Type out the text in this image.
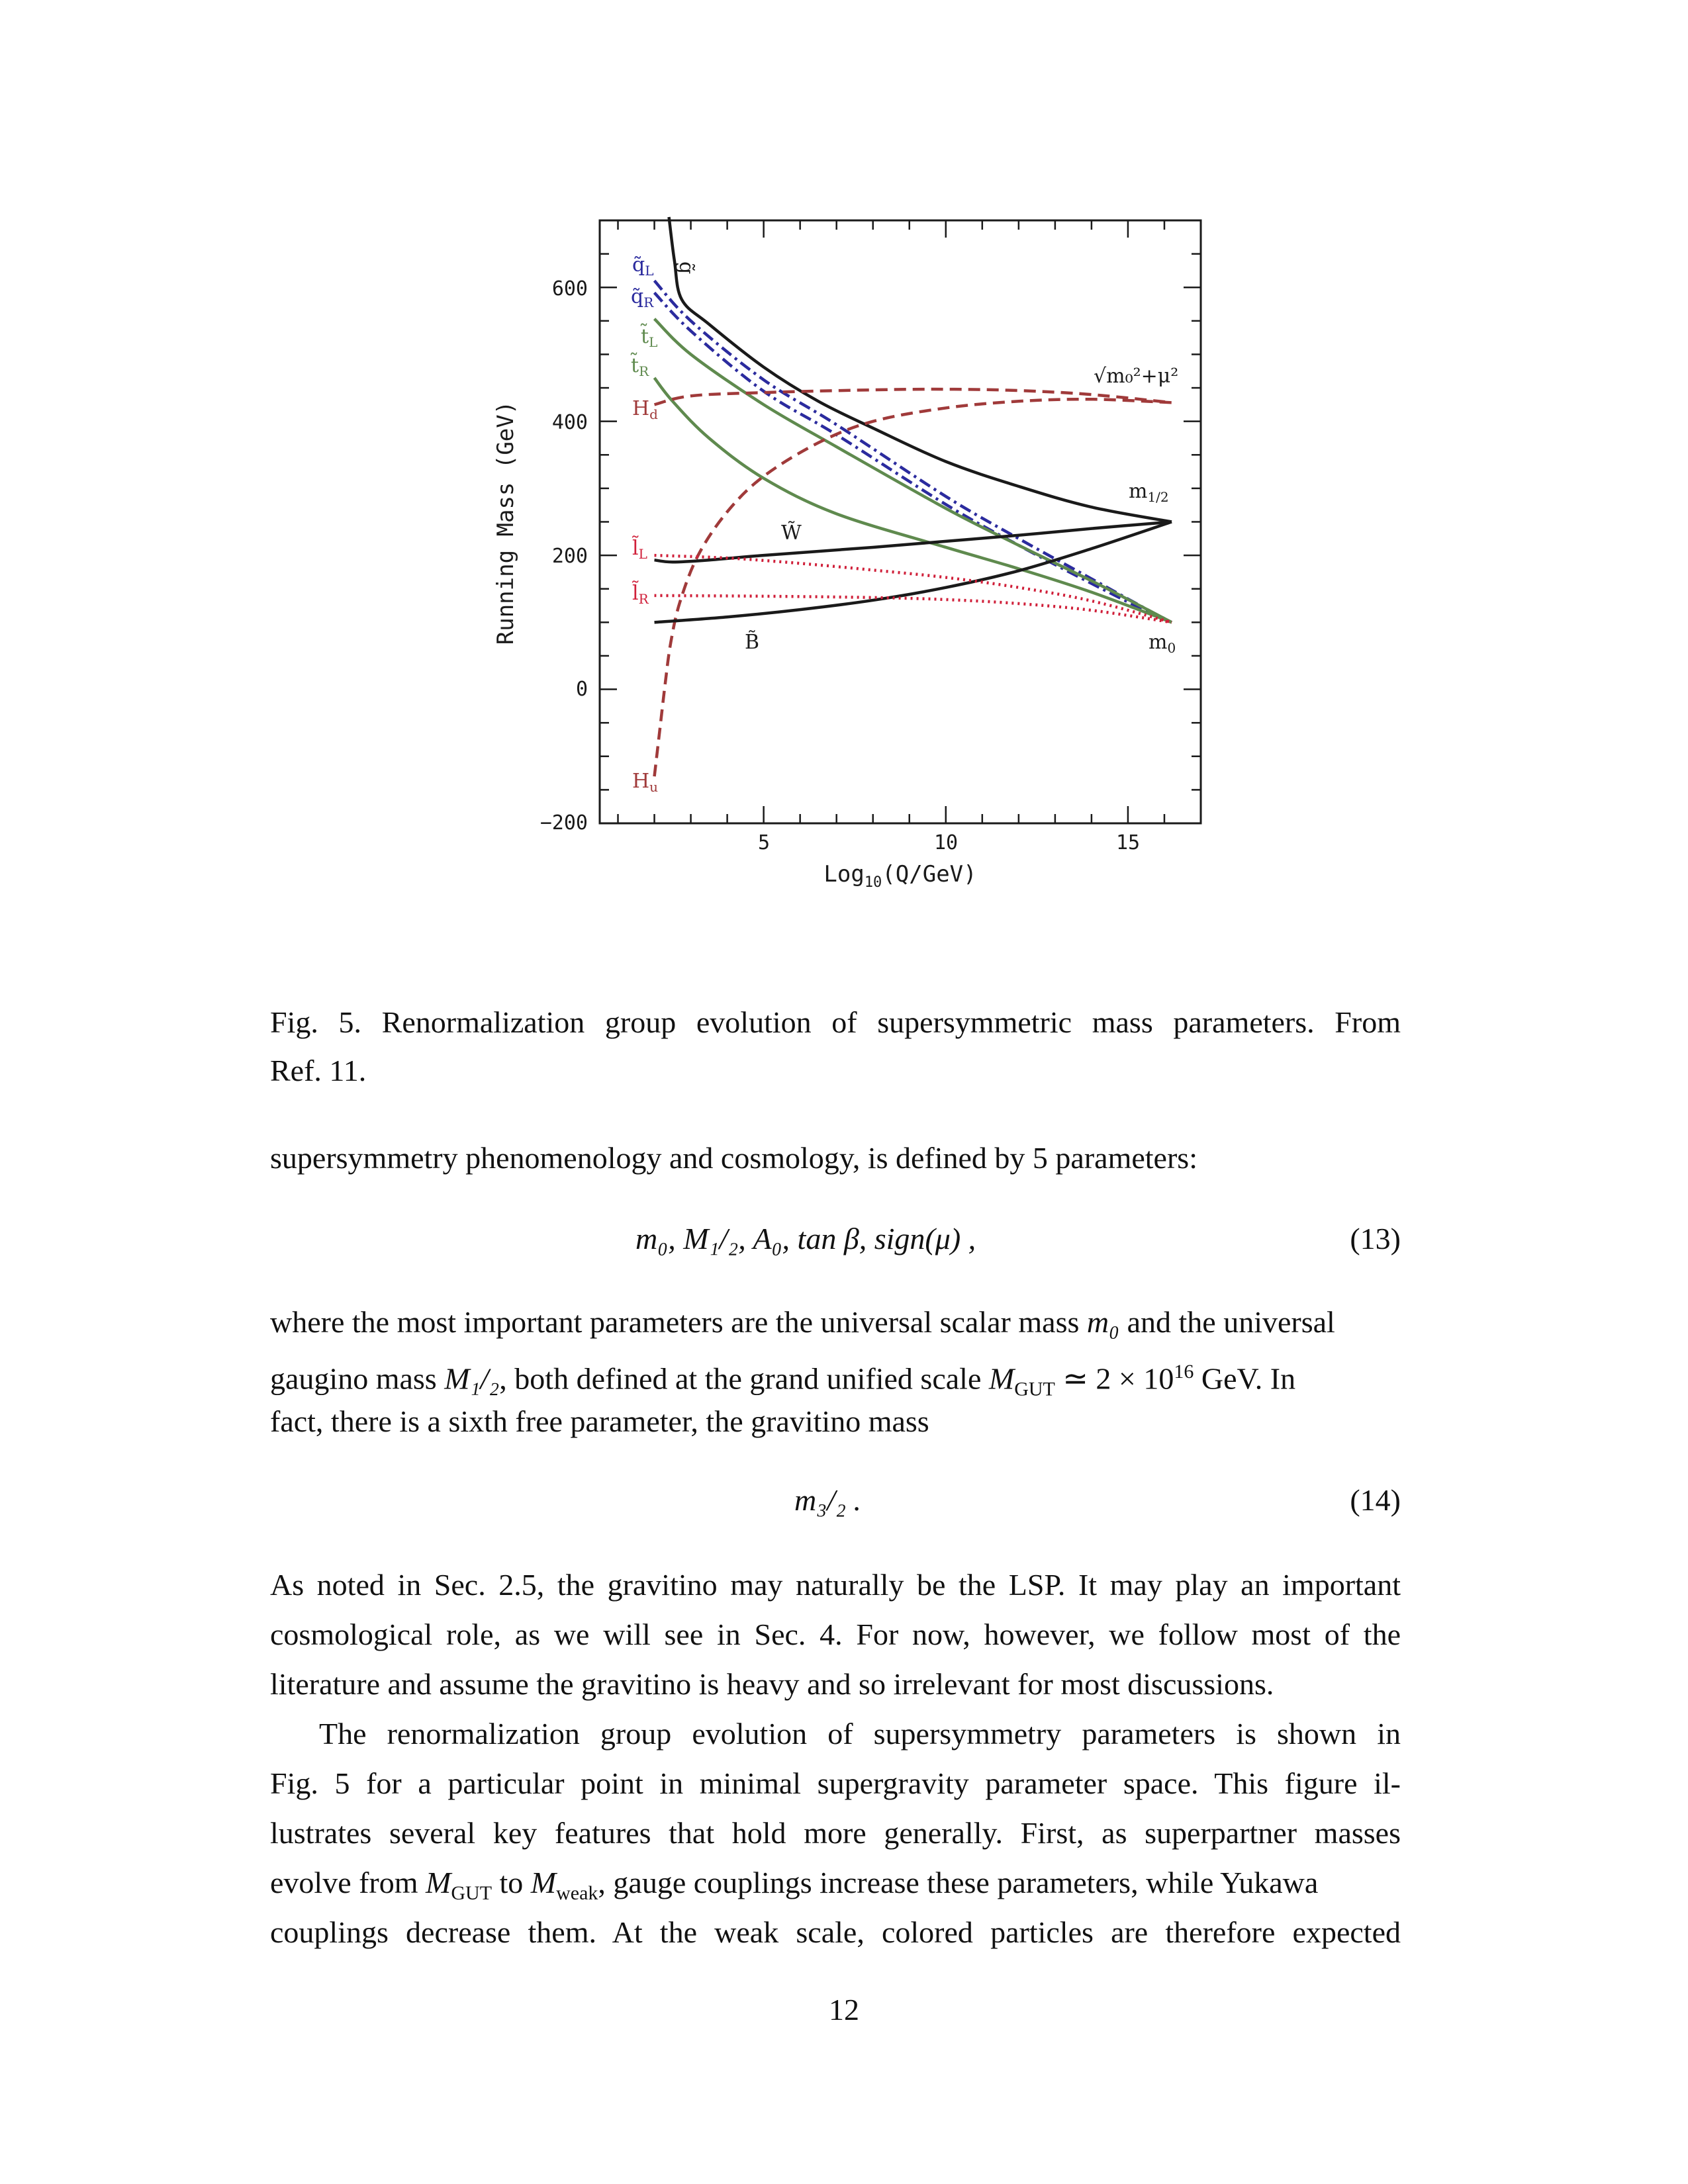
600
400
200
0
−200
5	10	15
Log$_{10}$(Q/GeV)
Running Mass (GeV)
g̃
$q̃_L$
$q̃_R$
$t̃_L$
$t̃_R$
$H_d$
$H_u$
W̃
B̃
$l̃_L$
$l̃_R$
√m₀²+μ²
$m_{1/2}$
$m_0$
Fig. 5. Renormalization group evolution of supersymmetric mass parameters. From
Ref. 11.
supersymmetry phenomenology and cosmology, is defined by 5 parameters:
m₀, M₁/₂, A₀, tan β, sign(μ) ,	(13)
where the most important parameters are the universal scalar mass m₀ and the universal
gaugino mass M₁/₂, both defined at the grand unified scale $M_{GUT}$ ≃ $2 \times 10^{16}$ GeV. In
fact, there is a sixth free parameter, the gravitino mass
m₃/₂ .	(14)
As noted in Sec. 2.5, the gravitino may naturally be the LSP. It may play an important
cosmological role, as we will see in Sec. 4. For now, however, we follow most of the
literature and assume the gravitino is heavy and so irrelevant for most discussions.
The renormalization group evolution of supersymmetry parameters is shown in
Fig. 5 for a particular point in minimal supergravity parameter space. This figure il-
lustrates several key features that hold more generally. First, as superpartner masses
evolve from $M_{GUT}$ to $M_{weak}$, gauge couplings increase these parameters, while Yukawa
couplings decrease them. At the weak scale, colored particles are therefore expected
12
